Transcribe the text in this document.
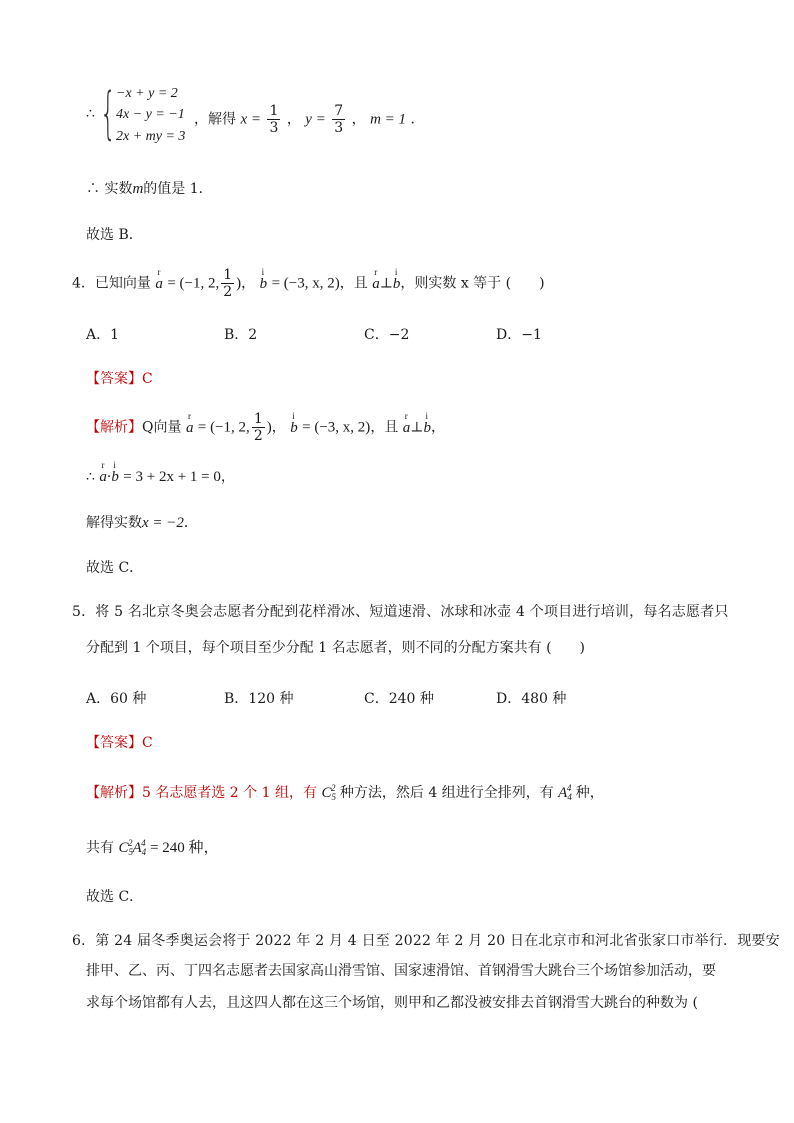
∴ { −x + y = 2
4x − y = −1
2x + my = 3
，解得 $x = \frac{1}{3}$ ， $y = \frac{7}{3}$ ， m = 1 ．
∴ 实数m的值是 1．
故选 B．
4．已知向量
r
a = (−1, 2, $\frac{1}{2}$ )，
i
b = (−3, x, 2)，且
r
a⊥
i
b，则实数 x 等于 (　　)
A．1	B．2	C．−2	D．−1
【答案】C
【解析】Q向量
r
a = (−1, 2, $\frac{1}{2}$ )，
i
b = (−3, x, 2)，且
r
a⊥
i
b，
∴
r
a·
i
b = 3 + 2x + 1 = 0，
解得实数x = −2．
故选 C．
5．将 5 名北京冬奥会志愿者分配到花样滑冰、短道速滑、冰球和冰壶 4 个项目进行培训，每名志愿者只
分配到 1 个项目，每个项目至少分配 1 名志愿者，则不同的分配方案共有 (　　)
A．60 种	B．120 种	C．240 种	D．480 种
【答案】C
【解析】5 名志愿者选 2 个 1 组，有 $C_5^2$ 种方法，然后 4 组进行全排列，有 $A_4^4$ 种，
共有 $C_5^2A_4^4 = 240$ 种，
故选 C．
6．第 24 届冬季奥运会将于 2022 年 2 月 4 日至 2022 年 2 月 20 日在北京市和河北省张家口市举行．现要安
排甲、乙、丙、丁四名志愿者去国家高山滑雪馆、国家速滑馆、首钢滑雪大跳台三个场馆参加活动，要
求每个场馆都有人去，且这四人都在这三个场馆，则甲和乙都没被安排去首钢滑雪大跳台的种数为 (
